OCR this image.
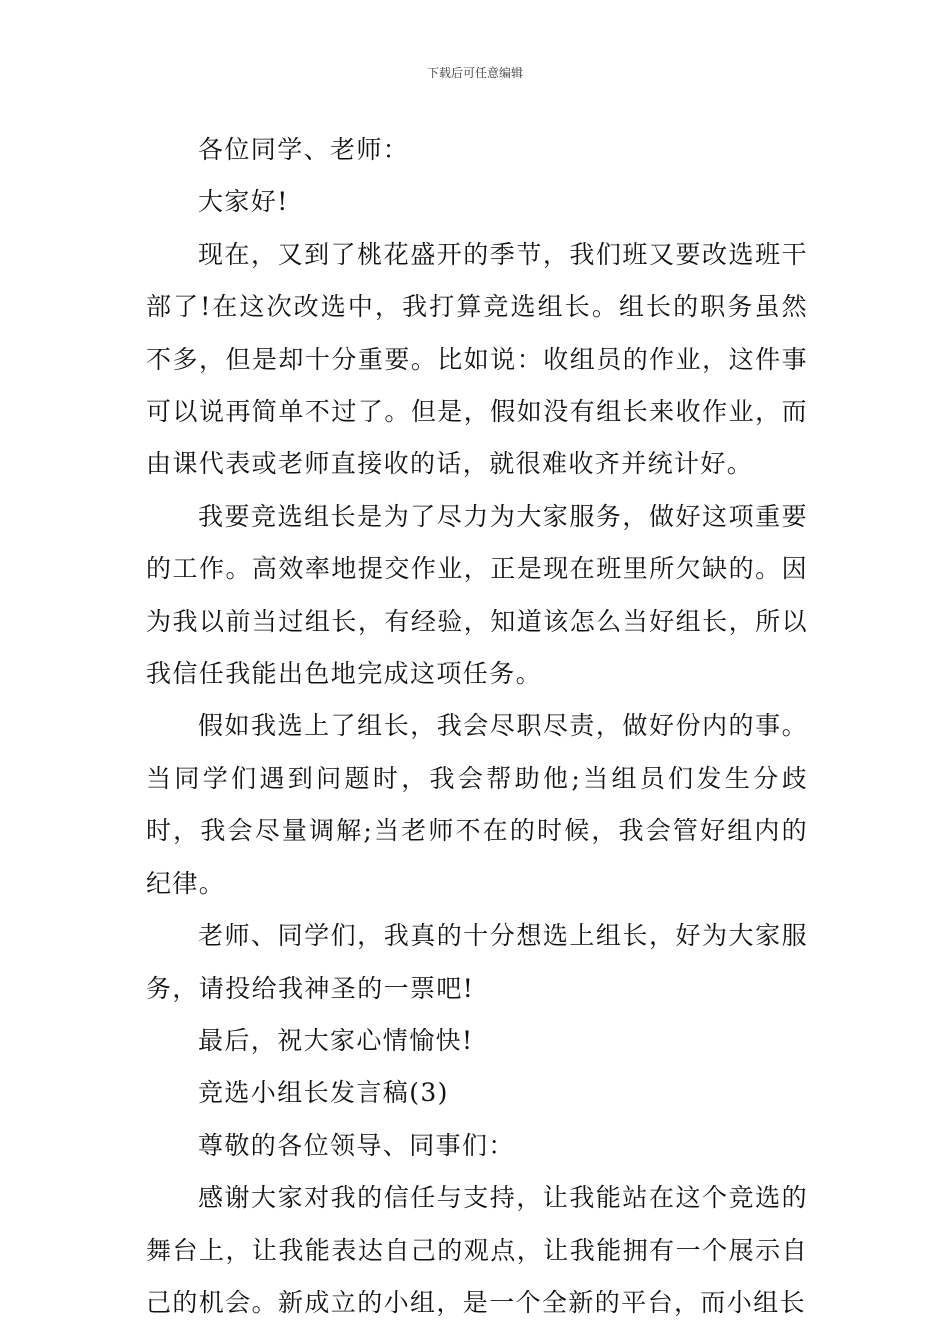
下载后可任意编辑

各位同学、老师：

大家好!

现在，又到了桃花盛开的季节，我们班又要改选班干部了!在这次改选中，我打算竞选组长。组长的职务虽然不多，但是却十分重要。比如说：收组员的作业，这件事可以说再简单不过了。但是，假如没有组长来收作业，而由课代表或老师直接收的话，就很难收齐并统计好。

我要竞选组长是为了尽力为大家服务，做好这项重要的工作。高效率地提交作业，正是现在班里所欠缺的。因为我以前当过组长，有经验，知道该怎么当好组长，所以我信任我能出色地完成这项任务。

假如我选上了组长，我会尽职尽责，做好份内的事。当同学们遇到问题时，我会帮助他;当组员们发生分歧时，我会尽量调解;当老师不在的时候，我会管好组内的纪律。

老师、同学们，我真的十分想选上组长，好为大家服务，请投给我神圣的一票吧!

最后，祝大家心情愉快!

竞选小组长发言稿(3)

尊敬的各位领导、同事们：

感谢大家对我的信任与支持，让我能站在这个竞选的舞台上，让我能表达自己的观点，让我能拥有一个展示自己的机会。新成立的小组，是一个全新的平台，而小组长
